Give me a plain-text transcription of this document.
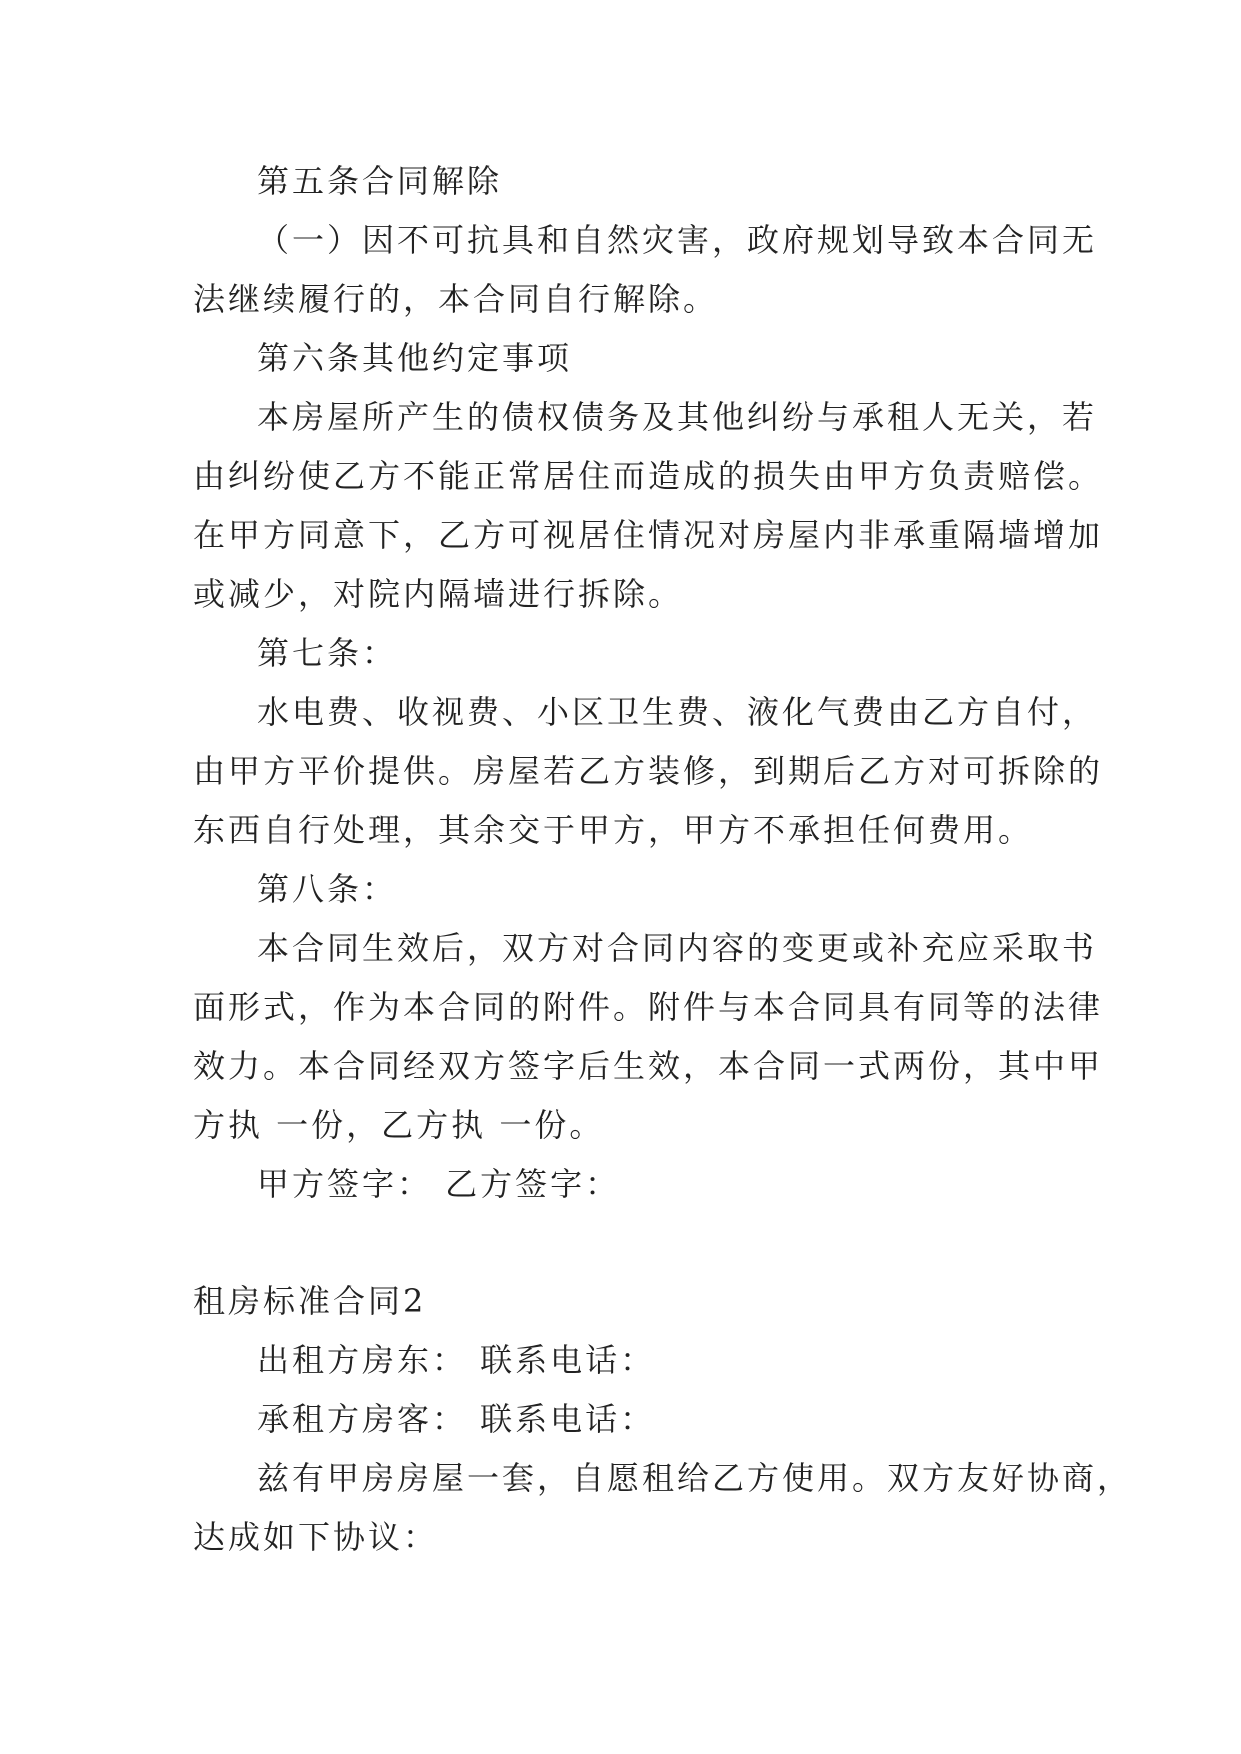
第五条合同解除
（一）因不可抗具和自然灾害，政府规划导致本合同无
法继续履行的，本合同自行解除。
第六条其他约定事项
本房屋所产生的债权债务及其他纠纷与承租人无关，若
由纠纷使乙方不能正常居住而造成的损失由甲方负责赔偿。
在甲方同意下，乙方可视居住情况对房屋内非承重隔墙增加
或减少，对院内隔墙进行拆除。
第七条：
水电费、收视费、小区卫生费、液化气费由乙方自付，
由甲方平价提供。房屋若乙方装修，到期后乙方对可拆除的
东西自行处理，其余交于甲方，甲方不承担任何费用。
第八条：
本合同生效后，双方对合同内容的变更或补充应采取书
面形式，作为本合同的附件。附件与本合同具有同等的法律
效力。本合同经双方签字后生效，本合同一式两份，其中甲
方执 一份，乙方执 一份。
甲方签字： 乙方签字：
租房标准合同2
出租方房东： 联系电话：
承租方房客： 联系电话：
兹有甲房房屋一套，自愿租给乙方使用。双方友好协商，
达成如下协议：
